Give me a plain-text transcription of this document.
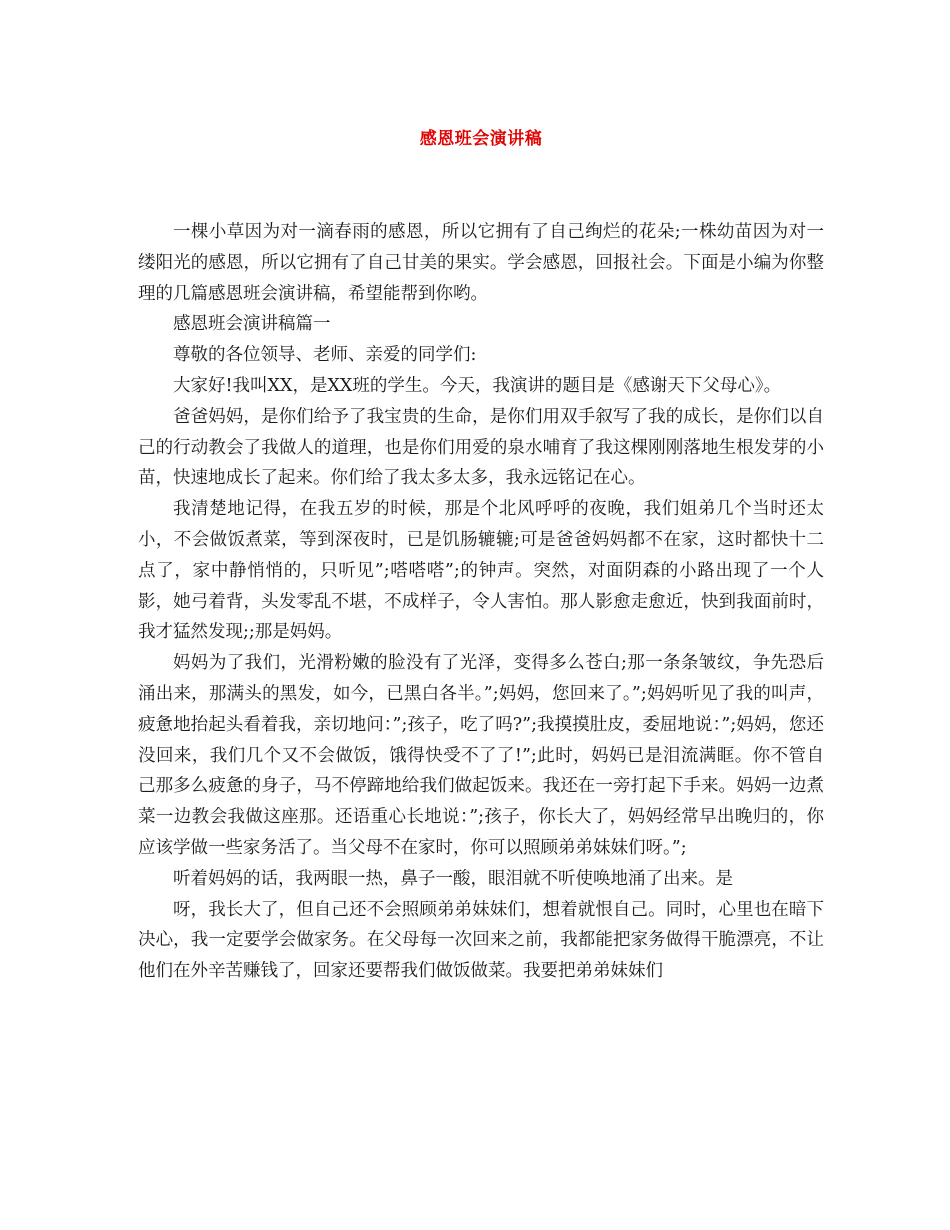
感恩班会演讲稿

一棵小草因为对一滴春雨的感恩，所以它拥有了自己绚烂的花朵;一株幼苗因为对一缕阳光的感恩，所以它拥有了自己甘美的果实。学会感恩，回报社会。下面是小编为你整理的几篇感恩班会演讲稿，希望能帮到你哟。

感恩班会演讲稿篇一

尊敬的各位领导、老师、亲爱的同学们:

大家好!我叫XX，是XX班的学生。今天，我演讲的题目是《感谢天下父母心》。

爸爸妈妈，是你们给予了我宝贵的生命，是你们用双手叙写了我的成长，是你们以自己的行动教会了我做人的道理，也是你们用爱的泉水哺育了我这棵刚刚落地生根发芽的小苗，快速地成长了起来。你们给了我太多太多，我永远铭记在心。

我清楚地记得，在我五岁的时候，那是个北风呼呼的夜晚，我们姐弟几个当时还太小，不会做饭煮菜，等到深夜时，已是饥肠辘辘;可是爸爸妈妈都不在家，这时都快十二点了，家中静悄悄的，只听见”;嗒嗒嗒”;的钟声。突然，对面阴森的小路出现了一个人影，她弓着背，头发零乱不堪，不成样子，令人害怕。那人影愈走愈近，快到我面前时，我才猛然发现;;那是妈妈。

妈妈为了我们，光滑粉嫩的脸没有了光泽，变得多么苍白;那一条条皱纹，争先恐后涌出来，那满头的黑发，如今，已黑白各半。”;妈妈，您回来了。”;妈妈听见了我的叫声，疲惫地抬起头看着我，亲切地问：”;孩子，吃了吗?”;我摸摸肚皮，委屈地说：”;妈妈，您还没回来，我们几个又不会做饭，饿得快受不了了!”;此时，妈妈已是泪流满眶。你不管自己那多么疲惫的身子，马不停蹄地给我们做起饭来。我还在一旁打起下手来。妈妈一边煮菜一边教会我做这座那。还语重心长地说：”;孩子，你长大了，妈妈经常早出晚归的，你应该学做一些家务活了。当父母不在家时，你可以照顾弟弟妹妹们呀。”;

听着妈妈的话，我两眼一热，鼻子一酸，眼泪就不听使唤地涌了出来。是

呀，我长大了，但自己还不会照顾弟弟妹妹们，想着就恨自己。同时，心里也在暗下决心，我一定要学会做家务。在父母每一次回来之前，我都能把家务做得干脆漂亮，不让他们在外辛苦赚钱了，回家还要帮我们做饭做菜。我要把弟弟妹妹们
